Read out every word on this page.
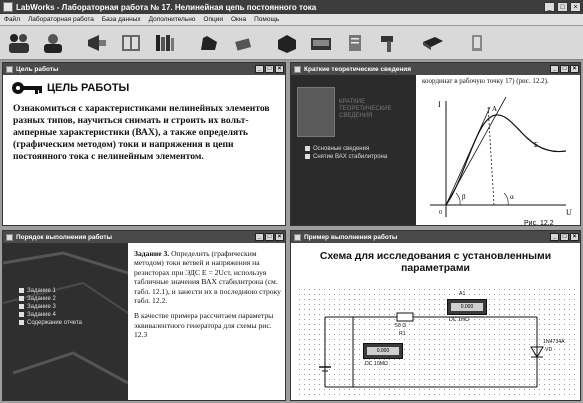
LabWorks - Лабораторная работа № 17. Нелинейная цепь постоянного тока	_	□	×
Файл	Лабораторная работа	База данных	Дополнительно	Опции	Окна	Помощь
Цель работы	_	□	×
ЦЕЛЬ РАБОТЫ
Ознакомиться с характеристиками нелинейных элементов разных типов, научиться снимать и строить их вольт-амперные характеристики (ВАХ), а также определять (графическим методом) токи и напряжения в цепи постоянного тока с нелинейным элементом.
Краткие теоретические сведения	_	□	×
КРАТКИЕ ТЕОРЕТИЧЕСКИЕ СВЕДЕНИЯ
Основные сведения
Снятие ВАХ стабилитрона
координат в рабочую точку 17) (рис. 12.2).
I
U
A
Б
β	α
0
Рис. 12.2
Порядок выполнения работы	_	□	×
Задание 1
Задание 2
Задание 3
Задание 4
Содержание отчета

Задание 3. Определить (графическим методом) токи ветвей и напряжения на резисторах при ЭДС E = 2Uст, используя табличные значения ВАХ стабилитрона (см. табл. 12.1), и занести их в последнюю строку табл. 12.2.

В качестве примера рассчитаем параметры эквивалентного генератора для схемы рис. 12.3

Пример выполнения работы	_	□	×
Схема для исследования с установленными параметрами
50 Ω
R1
0.000
A1
DC 1mΩ
0.000
DC 10MΩ
1N4734A
VD
